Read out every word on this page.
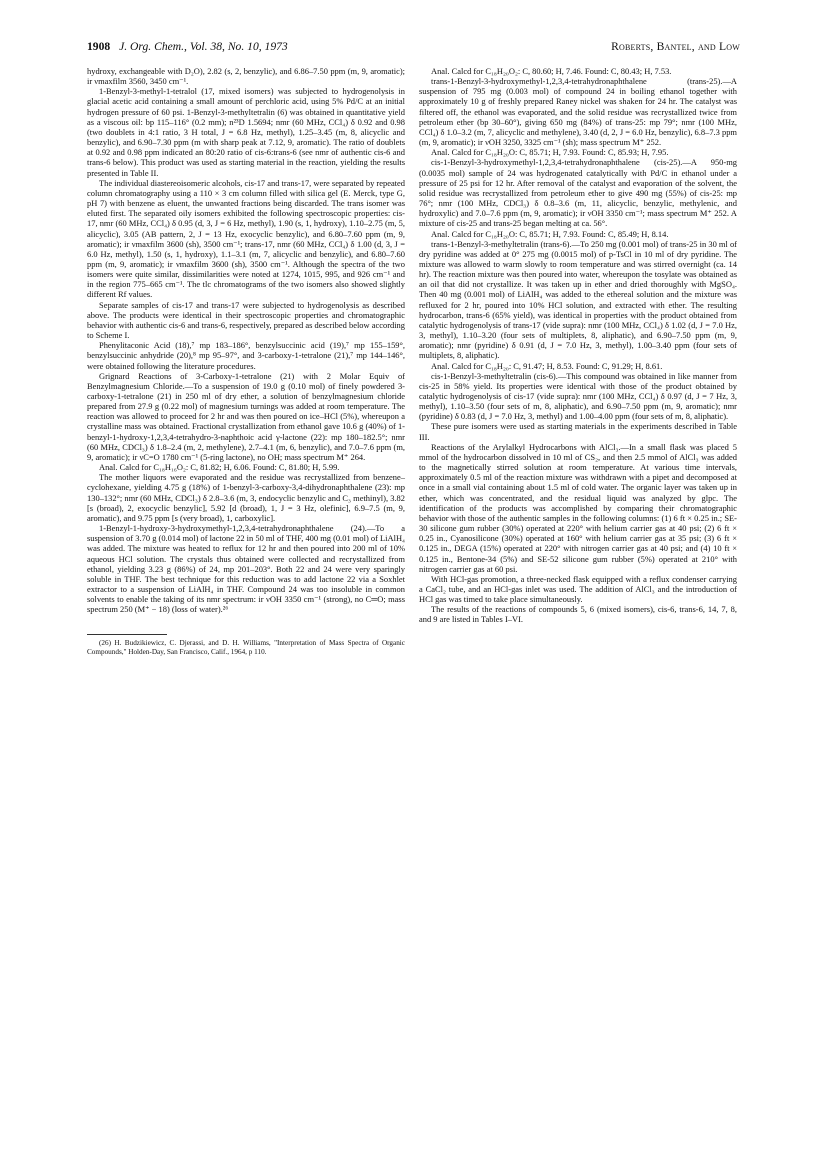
1908 J. Org. Chem., Vol. 38, No. 10, 1973	Roberts, Bantel, and Low

hydroxy, exchangeable with D₂O), 2.82 (s, 2, benzylic), and 6.86–7.50 ppm (m, 9, aromatic); ir νmaxfilm 3560, 3450 cm⁻¹.

1-Benzyl-3-methyl-1-tetralol (17, mixed isomers) was subjected to hydrogenolysis in glacial acetic acid containing a small amount of perchloric acid, using 5% Pd/C at an initial hydrogen pressure of 60 psi. 1-Benzyl-3-methyltetralin (6) was obtained in quantitative yield as a viscous oil: bp 115–116° (0.2 mm); n²³D 1.5694; nmr (60 MHz, CCl₄) δ 0.92 and 0.98 (two doublets in 4:1 ratio, 3 H total, J = 6.8 Hz, methyl), 1.25–3.45 (m, 8, alicyclic and benzylic), and 6.90–7.30 ppm (m with sharp peak at 7.12, 9, aromatic). The ratio of doublets at 0.92 and 0.98 ppm indicated an 80:20 ratio of cis-6:trans-6 (see nmr of authentic cis-6 and trans-6 below). This product was used as starting material in the reaction, yielding the results presented in Table II.

The individual diastereoisomeric alcohols, cis-17 and trans-17, were separated by repeated column chromatography using a 110 × 3 cm column filled with silica gel (E. Merck, type G, pH 7) with benzene as eluent, the unwanted fractions being discarded. The trans isomer was eluted first. The separated oily isomers exhibited the following spectroscopic properties: cis-17, nmr (60 MHz, CCl₄) δ 0.95 (d, 3, J = 6 Hz, methyl), 1.90 (s, 1, hydroxy), 1.10–2.75 (m, 5, alicyclic), 3.05 (AB pattern, 2, J = 13 Hz, exocyclic benzylic), and 6.80–7.60 ppm (m, 9, aromatic); ir νmaxfilm 3600 (sh), 3500 cm⁻¹; trans-17, nmr (60 MHz, CCl₄) δ 1.00 (d, 3, J = 6.0 Hz, methyl), 1.50 (s, 1, hydroxy), 1.1–3.1 (m, 7, alicyclic and benzylic), and 6.80–7.60 ppm (m, 9, aromatic); ir νmaxfilm 3600 (sh), 3500 cm⁻¹. Although the spectra of the two isomers were quite similar, dissimilarities were noted at 1274, 1015, 995, and 926 cm⁻¹ and in the region 775–665 cm⁻¹. The tlc chromatograms of the two isomers also showed slightly different Rf values.

Separate samples of cis-17 and trans-17 were subjected to hydrogenolysis as described above. The products were identical in their spectroscopic properties and chromatographic behavior with authentic cis-6 and trans-6, respectively, prepared as described below according to Scheme I.

Phenylitaconic Acid (18),⁷ mp 183–186°, benzylsuccinic acid (19),⁷ mp 155–159°, benzylsuccinic anhydride (20),⁸ mp 95–97°, and 3-carboxy-1-tetralone (21),⁷ mp 144–146°, were obtained following the literature procedures.

Grignard Reactions of 3-Carboxy-1-tetralone (21) with 2 Molar Equiv of Benzylmagnesium Chloride.—To a suspension of 19.0 g (0.10 mol) of finely powdered 3-carboxy-1-tetralone (21) in 250 ml of dry ether, a solution of benzylmagnesium chloride prepared from 27.9 g (0.22 mol) of magnesium turnings was added at room temperature. The reaction was allowed to proceed for 2 hr and was then poured on ice–HCl (5%), whereupon a crystalline mass was obtained. Fractional crystallization from ethanol gave 10.6 g (40%) of 1-benzyl-1-hydroxy-1,2,3,4-tetrahydro-3-naphthoic acid γ-lactone (22): mp 180–182.5°; nmr (60 MHz, CDCl₃) δ 1.8–2.4 (m, 2, methylene), 2.7–4.1 (m, 6, benzylic), and 7.0–7.6 ppm (m, 9, aromatic); ir νC=O 1780 cm⁻¹ (5-ring lactone), no OH; mass spectrum M⁺ 264.

Anal. Calcd for C₁₈H₁₆O₂: C, 81.82; H, 6.06. Found: C, 81.80; H, 5.99.

The mother liquors were evaporated and the residue was recrystallized from benzene–cyclohexane, yielding 4.75 g (18%) of 1-benzyl-3-carboxy-3,4-dihydronaphthalene (23): mp 130–132°; nmr (60 MHz, CDCl₃) δ 2.8–3.6 (m, 3, endocyclic benzylic and C₃ methinyl), 3.82 [s (broad), 2, exocyclic benzylic], 5.92 [d (broad), 1, J = 3 Hz, olefinic], 6.9–7.5 (m, 9, aromatic), and 9.75 ppm [s (very broad), 1, carboxylic].

1-Benzyl-1-hydroxy-3-hydroxymethyl-1,2,3,4-tetrahydronaphthalene (24).—To a suspension of 3.70 g (0.014 mol) of lactone 22 in 50 ml of THF, 400 mg (0.01 mol) of LiAlH₄ was added. The mixture was heated to reflux for 12 hr and then poured into 200 ml of 10% aqueous HCl solution. The crystals thus obtained were collected and recrystallized from ethanol, yielding 3.23 g (86%) of 24, mp 201–203°. Both 22 and 24 were very sparingly soluble in THF. The best technique for this reduction was to add lactone 22 via a Soxhlet extractor to a suspension of LiAlH₄ in THF. Compound 24 was too insoluble in common solvents to enable the taking of its nmr spectrum: ir νOH 3350 cm⁻¹ (strong), no C═O; mass spectrum 250 (M⁺ − 18) (loss of water).²⁶

(26) H. Budzikiewicz, C. Djerassi, and D. H. Williams, "Interpretation of Mass Spectra of Organic Compounds," Holden-Day, San Francisco, Calif., 1964, p 110.

Anal. Calcd for C₁₈H₂₀O₂: C, 80.60; H, 7.46. Found: C, 80.43; H, 7.53.

trans-1-Benzyl-3-hydroxymethyl-1,2,3,4-tetrahydronaphthalene (trans-25).—A suspension of 795 mg (0.003 mol) of compound 24 in boiling ethanol together with approximately 10 g of freshly prepared Raney nickel was shaken for 24 hr. The catalyst was filtered off, the ethanol was evaporated, and the solid residue was recrystallized twice from petroleum ether (bp 30–60°), giving 650 mg (84%) of trans-25: mp 79°; nmr (100 MHz, CCl₄) δ 1.0–3.2 (m, 7, alicyclic and methylene), 3.40 (d, 2, J = 6.0 Hz, benzylic), 6.8–7.3 ppm (m, 9, aromatic); ir νOH 3250, 3325 cm⁻¹ (sh); mass spectrum M⁺ 252.

Anal. Calcd for C₁₈H₂₀O: C, 85.71; H, 7.93. Found: C, 85.93; H, 7.95.

cis-1-Benzyl-3-hydroxymethyl-1,2,3,4-tetrahydronaphthalene (cis-25).—A 950-mg (0.0035 mol) sample of 24 was hydrogenated catalytically with Pd/C in ethanol under a pressure of 25 psi for 12 hr. After removal of the catalyst and evaporation of the solvent, the solid residue was recrystallized from petroleum ether to give 490 mg (55%) of cis-25: mp 76°; nmr (100 MHz, CDCl₃) δ 0.8–3.6 (m, 11, alicyclic, benzylic, methylenic, and hydroxylic) and 7.0–7.6 ppm (m, 9, aromatic); ir νOH 3350 cm⁻¹; mass spectrum M⁺ 252. A mixture of cis-25 and trans-25 began melting at ca. 56°.

Anal. Calcd for C₁₈H₂₀O: C, 85.71; H, 7.93. Found: C, 85.49; H, 8.14.

trans-1-Benzyl-3-methyltetralin (trans-6).—To 250 mg (0.001 mol) of trans-25 in 30 ml of dry pyridine was added at 0° 275 mg (0.0015 mol) of p-TsCl in 10 ml of dry pyridine. The mixture was allowed to warm slowly to room temperature and was stirred overnight (ca. 14 hr). The reaction mixture was then poured into water, whereupon the tosylate was obtained as an oil that did not crystallize. It was taken up in ether and dried thoroughly with MgSO₄. Then 40 mg (0.001 mol) of LiAlH₄ was added to the ethereal solution and the mixture was refluxed for 2 hr, poured into 10% HCl solution, and extracted with ether. The resulting hydrocarbon, trans-6 (65% yield), was identical in properties with the product obtained from catalytic hydrogenolysis of trans-17 (vide supra): nmr (100 MHz, CCl₄) δ 1.02 (d, J = 7.0 Hz, 3, methyl), 1.10–3.20 (four sets of multiplets, 8, aliphatic), and 6.90–7.50 ppm (m, 9, aromatic); nmr (pyridine) δ 0.91 (d, J = 7.0 Hz, 3, methyl), 1.00–3.40 ppm (four sets of multiplets, 8, aliphatic).

Anal. Calcd for C₁₈H₂₀: C, 91.47; H, 8.53. Found: C, 91.29; H, 8.61.

cis-1-Benzyl-3-methyltetralin (cis-6).—This compound was obtained in like manner from cis-25 in 58% yield. Its properties were identical with those of the product obtained by catalytic hydrogenolysis of cis-17 (vide supra): nmr (100 MHz, CCl₄) δ 0.97 (d, J = 7 Hz, 3, methyl), 1.10–3.50 (four sets of m, 8, aliphatic), and 6.90–7.50 ppm (m, 9, aromatic); nmr (pyridine) δ 0.83 (d, J = 7.0 Hz, 3, methyl) and 1.00–4.00 ppm (four sets of m, 8, aliphatic).

These pure isomers were used as starting materials in the experiments described in Table III.

Reactions of the Arylalkyl Hydrocarbons with AlCl₃.—In a small flask was placed 5 mmol of the hydrocarbon dissolved in 10 ml of CS₂, and then 2.5 mmol of AlCl₃ was added to the magnetically stirred solution at room temperature. At various time intervals, approximately 0.5 ml of the reaction mixture was withdrawn with a pipet and decomposed at once in a small vial containing about 1.5 ml of cold water. The organic layer was taken up in ether, which was concentrated, and the residual liquid was analyzed by glpc. The identification of the products was accomplished by comparing their chromatographic behavior with those of the authentic samples in the following columns: (1) 6 ft × 0.25 in.; SE-30 silicone gum rubber (30%) operated at 220° with helium carrier gas at 40 psi; (2) 6 ft × 0.25 in., Cyanosilicone (30%) operated at 160° with helium carrier gas at 35 psi; (3) 6 ft × 0.125 in., DEGA (15%) operated at 220° with nitrogen carrier gas at 40 psi; and (4) 10 ft × 0.125 in., Bentone-34 (5%) and SE-52 silicone gum rubber (5%) operated at 210° with nitrogen carrier gas at 60 psi.

With HCl-gas promotion, a three-necked flask equipped with a reflux condenser carrying a CaCl₂ tube, and an HCl-gas inlet was used. The addition of AlCl₃ and the introduction of HCl gas was timed to take place simultaneously.

The results of the reactions of compounds 5, 6 (mixed isomers), cis-6, trans-6, 14, 7, 8, and 9 are listed in Tables I–VI.
